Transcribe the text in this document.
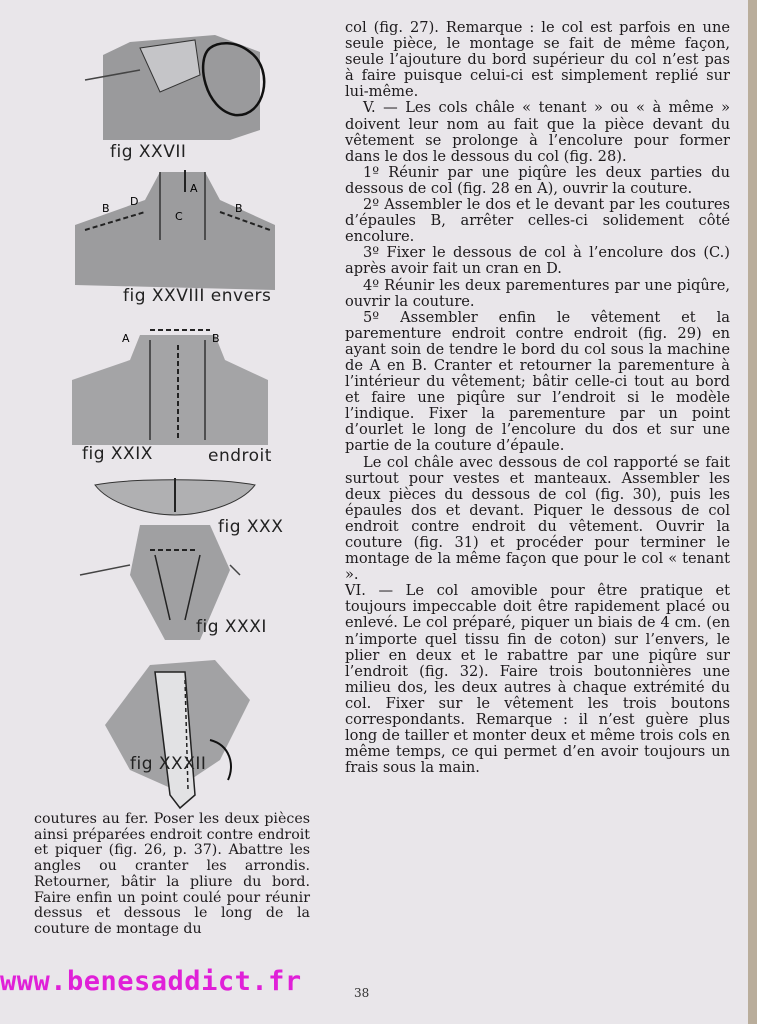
A
B
D
C
B
A	B
fig XXVII
fig XXVIII envers
fig XXIX	endroit
fig XXX
fig XXXI
fig XXXII

col (fig. 27). Remarque : le col est parfois en une seule pièce, le montage se fait de même façon, seule l’ajouture du bord supérieur du col n’est pas à faire puisque celui-ci est simplement replié sur lui-même.

V. — Les cols châle « tenant » ou « à même » doivent leur nom au fait que la pièce devant du vêtement se prolonge à l’encolure pour former dans le dos le dessous du col (fig. 28).

1º Réunir par une piqûre les deux parties du dessous de col (fig. 28 en A), ouvrir la couture.

2º Assembler le dos et le devant par les coutures d’épaules B, arrêter celles-ci solidement côté encolure.

3º Fixer le dessous de col à l’encolure dos (C.) après avoir fait un cran en D.

4º Réunir les deux parementures par une piqûre, ouvrir la couture.

5º Assembler enfin le vêtement et la parementure endroit contre endroit (fig. 29) en ayant soin de tendre le bord du col sous la machine de A en B. Cranter et retourner la parementure à l’intérieur du vêtement; bâtir celle-ci tout au bord et faire une piqûre sur l’endroit si le modèle l’indique. Fixer la parementure par un point d’ourlet le long de l’encolure du dos et sur une partie de la couture d’épaule.

Le col châle avec dessous de col rapporté se fait surtout pour vestes et manteaux. Assembler les deux pièces du dessous de col (fig. 30), puis les épaules dos et devant. Piquer le dessous de col endroit contre endroit du vêtement. Ouvrir la couture (fig. 31) et procéder pour terminer le montage de la même façon que pour le col « tenant ».

VI. — Le col amovible pour être pratique et toujours impeccable doit être rapidement placé ou enlevé. Le col préparé, piquer un biais de 4 cm. (en n’importe quel tissu fin de coton) sur l’envers, le plier en deux et le rabattre par une piqûre sur l’endroit (fig. 32). Faire trois boutonnières une milieu dos, les deux autres à chaque extrémité du col. Fixer sur le vêtement les trois boutons correspondants. Remarque : il n’est guère plus long de tailler et monter deux et même trois cols en même temps, ce qui permet d’en avoir toujours un frais sous la main.

coutures au fer. Poser les deux pièces ainsi préparées endroit contre endroit et piquer (fig. 26, p. 37). Abattre les angles ou cranter les arrondis. Retourner, bâtir la pliure du bord. Faire enfin un point coulé pour réunir dessus et dessous le long de la couture de montage du
38
www.benesaddict.fr
